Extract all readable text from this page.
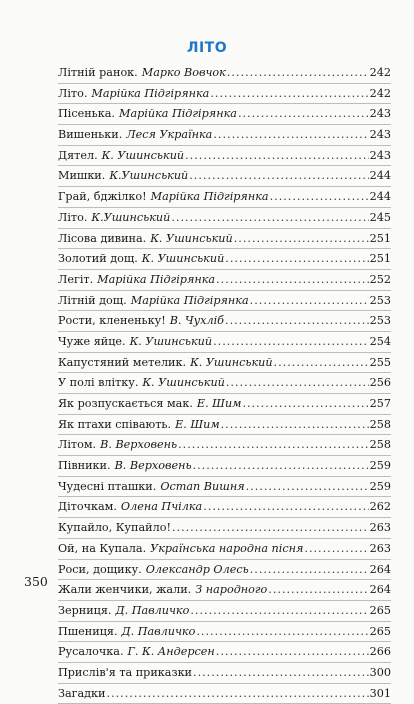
ЛІТО
Літній ранок. Марко Вовчок .....	242
Літо. Марійка Підгірянка .....	242
Пісенька. Марійка Підгірянка .....	243
Вишеньки. Леся Українка .....	243
Дятел. К. Ушинський .....	243
Мишки. К.Ушинський .....	244
Грай, бджілко! Марійка Підгірянка .....	244
Літо. К.Ушинський .....	245
Лісова дивина. К. Ушинський .....	251
Золотий дощ. К. Ушинський .....	251
Легіт. Марійка Підгірянка .....	252
Літній дощ. Марійка Підгірянка .....	253
Рости, клененьку! В. Чухліб .....	253
Чуже яйце. К. Ушинський .....	254
Капустяний метелик. К. Ушинський .....	255
У полі влітку. К. Ушинський .....	256
Як розпускається мак. Е. Шим .....	257
Як птахи співають. Е. Шим .....	258
Літом. В. Верховень .....	258
Півники. В. Верховень .....	259
Чудесні пташки. Остап Вишня .....	259
Діточкам. Олена Пчілка .....	262
Купайло, Купайло! .....	263
Ой, на Купала. Українська народна пісня .....	263
Роси, дощику. Олександр Олесь .....	264
Жали женчики, жали. З народного .....	264
Зерниця. Д. Павличко .....	265
Пшениця. Д. Павличко .....	265
Русалочка. Г. К. Андерсен .....	266
Прислів'я та приказки .....	300
Загадки .....	301
350
